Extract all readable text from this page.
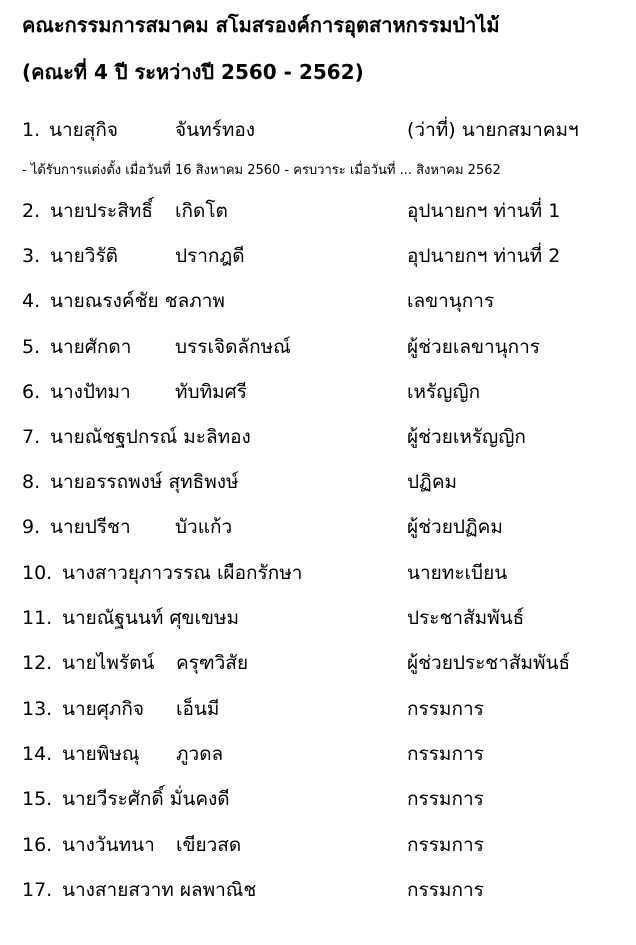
คณะกรรมการสมาคม สโมสรองค์การอุตสาหกรรมป่าไม้
(คณะที่ 4 ปี ระหว่างปี 2560 - 2562)
1. นายสุกิจ	จันทร์ทอง	(ว่าที่) นายกสมาคมฯ
- ได้รับการแต่งตั้ง เมื่อวันที่ 16 สิงหาคม 2560 - ครบวาระ เมื่อวันที่ ... สิงหาคม 2562
2. นายประสิทธิ์ เกิดโต	อุปนายกฯ ท่านที่ 1
3. นายวิรัติ	ปรากฎดี	อุปนายกฯ ท่านที่ 2
4. นายณรงค์ชัย ชลภาพ	เลขานุการ
5. นายศักดา บรรเจิดลักษณ์	ผู้ช่วยเลขานุการ
6. นางปัทมา ทับทิมศรี	เหรัญญิก
7. นายณัชฐปกรณ์ มะลิทอง	ผู้ช่วยเหรัญญิก
8. นายอรรถพงษ์ สุทธิพงษ์	ปฏิคม
9. นายปรีชา บัวแก้ว	ผู้ช่วยปฏิคม
10. นางสาวยุภาวรรณ เผือกรักษา	นายทะเบียน
11. นายณัฐนนท์ ศุขเขษม	ประชาสัมพันธ์
12. นายไพรัตน์ ครุฑวิสัย	ผู้ช่วยประชาสัมพันธ์
13. นายศุภกิจ เอ็นมี	กรรมการ
14. นายพิษณุ ภูวดล	กรรมการ
15. นายวีระศักดิ์ มั่นคงดี	กรรมการ
16. นางวันทนา เขียวสด	กรรมการ
17. นางสายสวาท ผลพาณิช	กรรมการ
